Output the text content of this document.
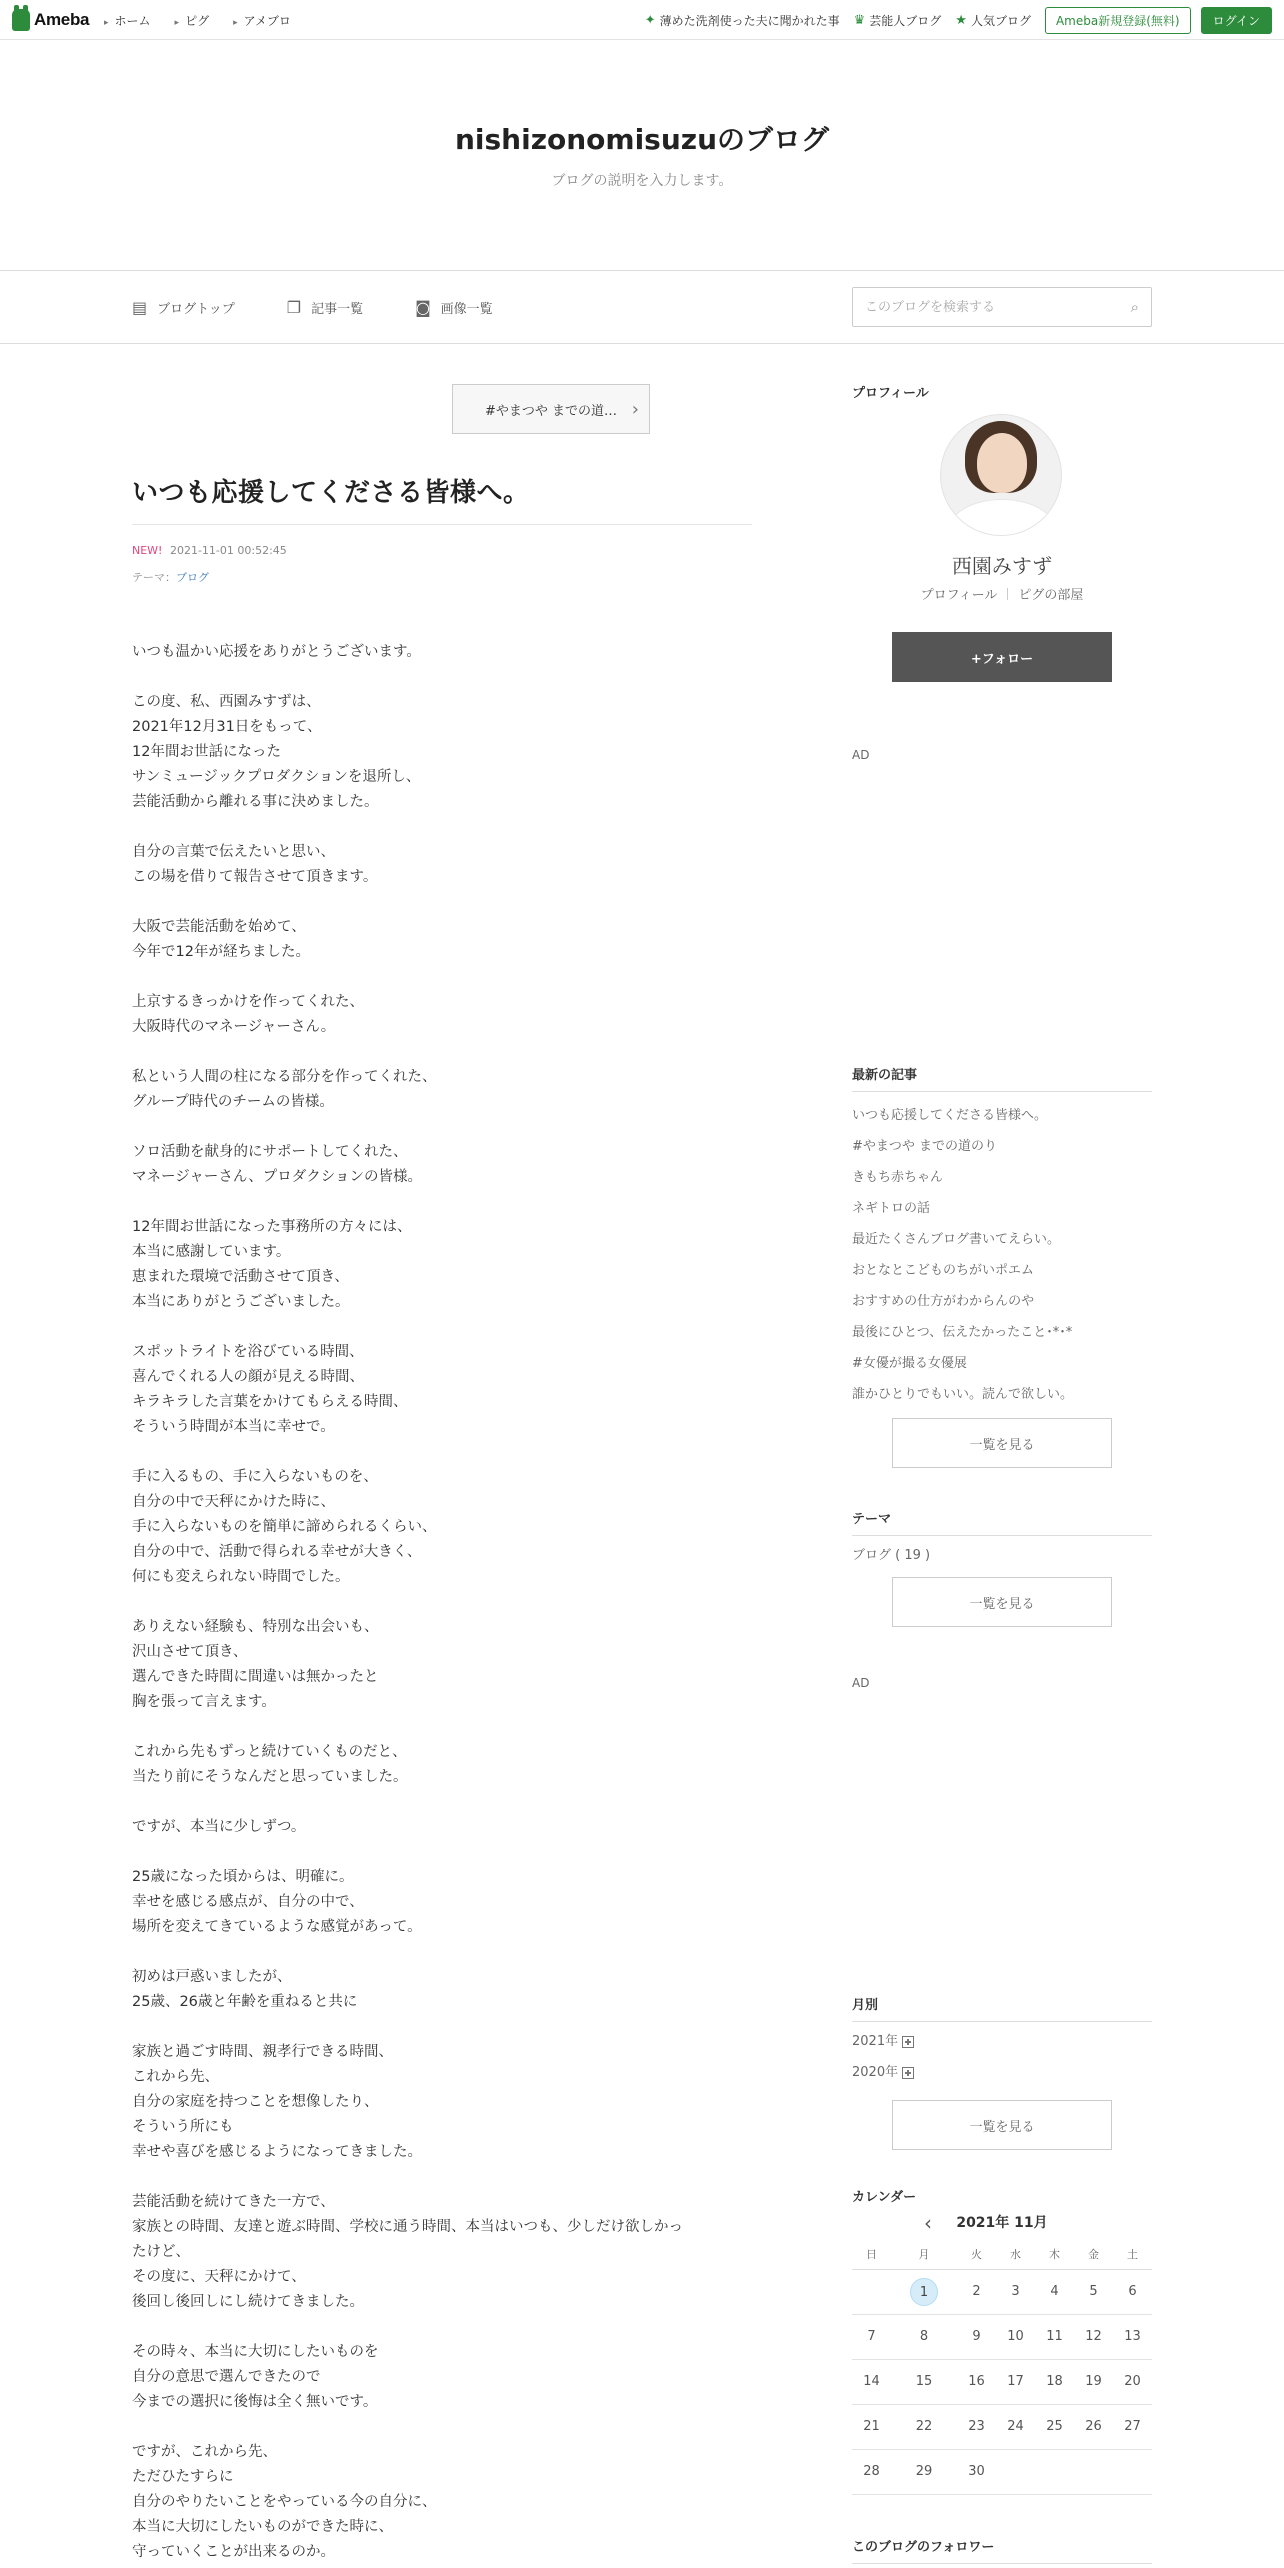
Ameba	▸ ホーム	▸ ピグ	▸ アメブロ	✦ 薄めた洗剤使った夫に聞かれた事 ♛ 芸能人ブログ ★ 人気ブログ	Ameba新規登録(無料)	ログイン
nishizonomisuzuのブログ

ブログの説明を入力します。

▤ ブログトップ	❐ 記事一覧	◙ 画像一覧
このブログを検索する	⌕
#やまつや までの道… ›
いつも応援してくださる皆様へ。
NEW! 2021-11-01 00:52:45
テーマ：ブログ

いつも温かい応援をありがとうございます。

この度、私、西園みすずは、
2021年12月31日をもって、
12年間お世話になった
サンミュージックプロダクションを退所し、
芸能活動から離れる事に決めました。

自分の言葉で伝えたいと思い、
この場を借りて報告させて頂きます。

大阪で芸能活動を始めて、
今年で12年が経ちました。

上京するきっかけを作ってくれた、
大阪時代のマネージャーさん。

私という人間の柱になる部分を作ってくれた、
グループ時代のチームの皆様。

ソロ活動を献身的にサポートしてくれた、
マネージャーさん、プロダクションの皆様。

12年間お世話になった事務所の方々には、
本当に感謝しています。
恵まれた環境で活動させて頂き、
本当にありがとうございました。

スポットライトを浴びている時間、
喜んでくれる人の顔が見える時間、
キラキラした言葉をかけてもらえる時間、
そういう時間が本当に幸せで。

手に入るもの、手に入らないものを、
自分の中で天秤にかけた時に、
手に入らないものを簡単に諦められるくらい、
自分の中で、活動で得られる幸せが大きく、
何にも変えられない時間でした。

ありえない経験も、特別な出会いも、
沢山させて頂き、
選んできた時間に間違いは無かったと
胸を張って言えます。

これから先もずっと続けていくものだと、
当たり前にそうなんだと思っていました。

ですが、本当に少しずつ。

25歳になった頃からは、明確に。
幸せを感じる感点が、自分の中で、
場所を変えてきているような感覚があって。

初めは戸惑いましたが、
25歳、26歳と年齢を重ねると共に

家族と過ごす時間、親孝行できる時間、
これから先、
自分の家庭を持つことを想像したり、
そういう所にも
幸せや喜びを感じるようになってきました。

芸能活動を続けてきた一方で、
家族との時間、友達と遊ぶ時間、学校に通う時間、本当はいつも、少しだけ欲しかっ
たけど、
その度に、天秤にかけて、
後回し後回しにし続けてきました。

その時々、本当に大切にしたいものを
自分の意思で選んできたので
今までの選択に後悔は全く無いです。

ですが、これから先、
ただひたすらに
自分のやりたいことをやっている今の自分に、
本当に大切にしたいものができた時に、
守っていくことが出来るのか。

プロフィール
西園みすず
プロフィール ピグの部屋
+フォロー
AD
最新の記事
いつも応援してくださる皆様へ。
#やまつや までの道のり
きもち赤ちゃん
ネギトロの話
最近たくさんブログ書いてえらい。
おとなとこどものちがいポエム
おすすめの仕方がわからんのや
最後にひとつ、伝えたかったこと･*･*
#女優が撮る女優展
誰かひとりでもいい。読んで欲しい。
一覧を見る
テーマ
ブログ ( 19 )
一覧を見る
AD
月別
2021年
2020年
一覧を見る
カレンダー
‹ 2021年 11月
日	月	火	水	木	金	土
	1	2	3	4	5	6
7	8	9	10	11	12	13
14	15	16	17	18	19	20
21	22	23	24	25	26	27
28	29	30				
このブログのフォロワー
